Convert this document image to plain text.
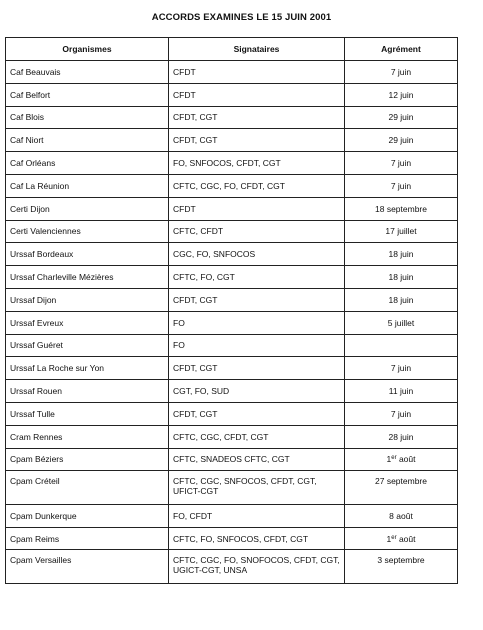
ACCORDS EXAMINES LE 15 JUIN 2001
Organismes	Signataires	Agrément
Caf Beauvais	CFDT	7 juin
Caf Belfort	CFDT	12 juin
Caf Blois	CFDT, CGT	29 juin
Caf Niort	CFDT, CGT	29 juin
Caf Orléans	FO, SNFOCOS, CFDT, CGT	7 juin
Caf La Réunion	CFTC, CGC, FO, CFDT, CGT	7 juin
Certi Dijon	CFDT	18 septembre
Certi Valenciennes	CFTC, CFDT	17 juillet
Urssaf Bordeaux	CGC, FO, SNFOCOS	18 juin
Urssaf Charleville Mézières	CFTC, FO, CGT	18 juin
Urssaf Dijon	CFDT, CGT	18 juin
Urssaf Evreux	FO	5 juillet
Urssaf Guéret	FO	
Urssaf La Roche sur Yon	CFDT, CGT	7 juin
Urssaf Rouen	CGT, FO, SUD	11 juin
Urssaf Tulle	CFDT, CGT	7 juin
Cram Rennes	CFTC, CGC, CFDT, CGT	28 juin
Cpam Béziers	CFTC, SNADEOS CFTC, CGT	1er août
Cpam Créteil	CFTC, CGC, SNFOCOS, CFDT, CGT, UFICT-CGT	27 septembre
Cpam Dunkerque	FO, CFDT	8 août
Cpam Reims	CFTC, FO, SNFOCOS, CFDT, CGT	1er août
Cpam Versailles	CFTC, CGC, FO, SNOFOCOS, CFDT, CGT, UGICT-CGT, UNSA	3 septembre
